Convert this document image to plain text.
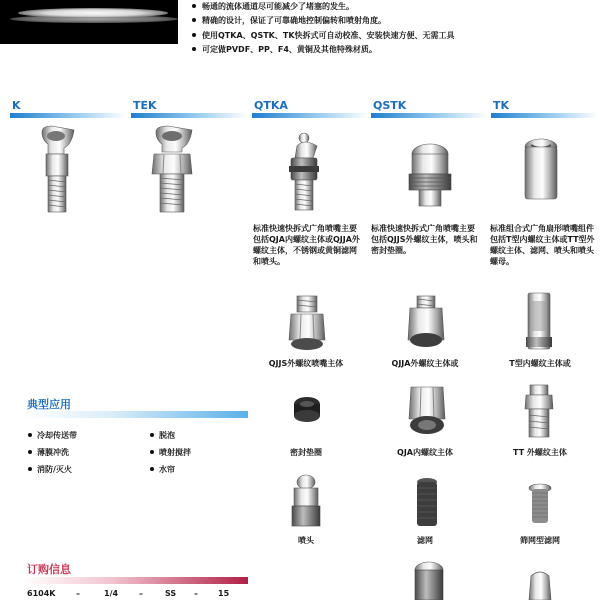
畅通的流体通道尽可能减少了堵塞的发生。
精确的设计，保证了可靠确地控制偏转和喷射角度。
使用QTKA、QSTK、TK快拆式可自动校准、安装快速方便、无需工具
可定做PVDF、PP、F4、黄铜及其他特殊材质。
K	TEK	QTKA	QSTK	TK
标准快速快拆式广角喷嘴主要包括QJA内螺纹主体或QJJA外螺纹主体，不锈钢或黄铜滤网和喷头。
标准快速快拆式广角喷嘴主要包括QJJS外螺纹主体，喷头和密封垫圈。
标准组合式广角扇形喷嘴组件包括T型内螺纹主体或TT型外螺纹主体、滤网、喷头和喷头螺母。
QJJS外螺纹喷嘴主体	QJJA外螺纹主体或	T型内螺纹主体或
密封垫圈	QJA内螺纹主体	TT 外螺纹主体
喷头	滤网	筛网型滤网
典型应用
冷却传送带
薄膜冲洗
消防/灭火
脱泡
喷射搅拌
水帘
订购信息
6104K	–	1/4	–	SS –	15
